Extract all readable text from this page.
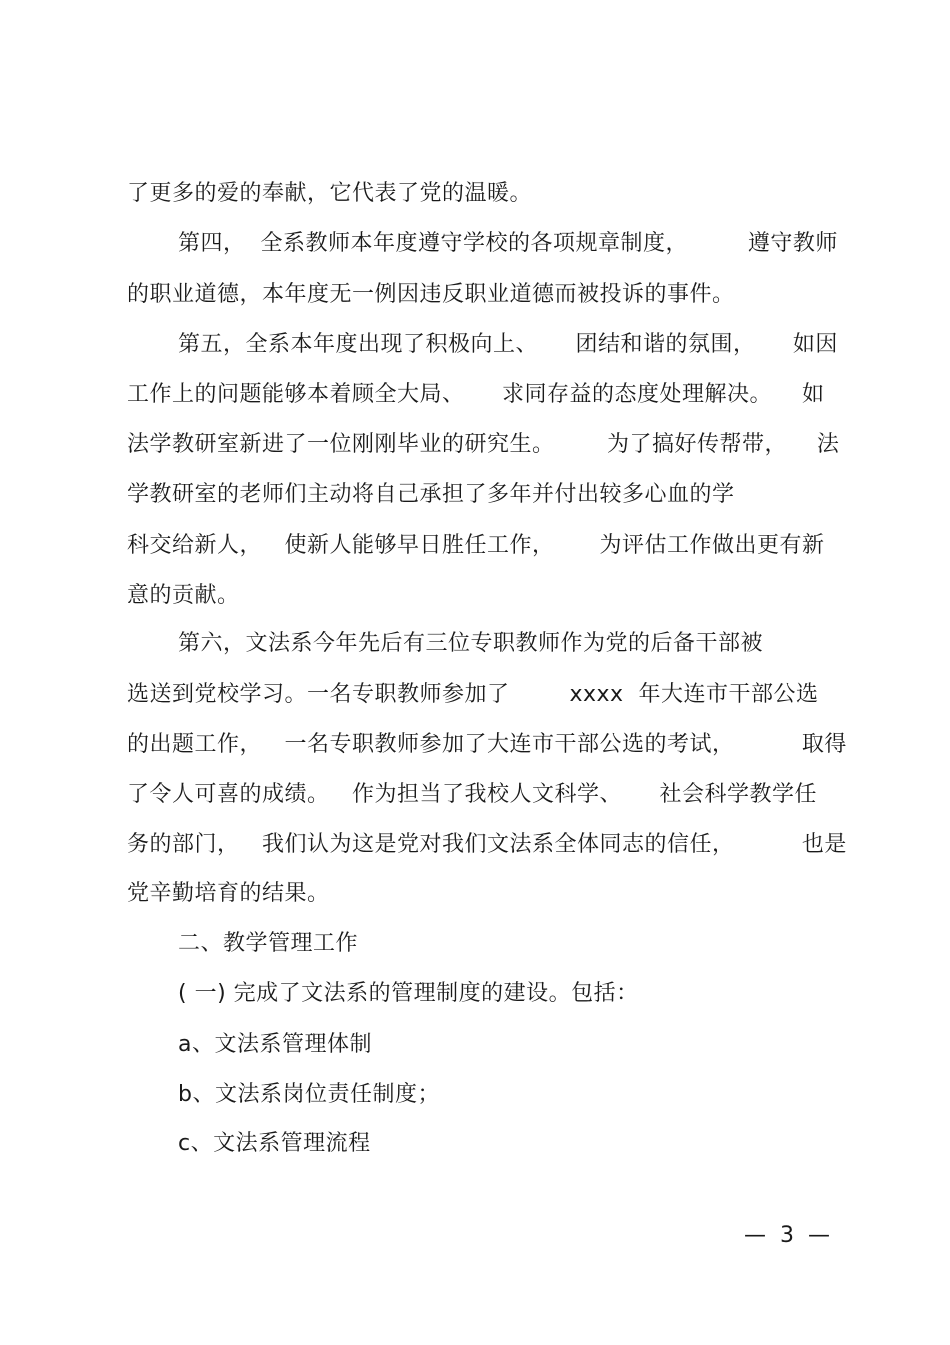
了更多的爱的奉献，它代表了党的温暖。
第四，  全系教师本年度遵守学校的各项规章制度，        遵守教师
的职业道德，本年度无一例因违反职业道德而被投诉的事件。
第五，全系本年度出现了积极向上、     团结和谐的氛围，     如因
工作上的问题能够本着顾全大局、     求同存益的态度处理解决。    如
法学教研室新进了一位刚刚毕业的研究生。       为了搞好传帮带，    法
学教研室的老师们主动将自己承担了多年并付出较多心血的学
科交给新人，   使新人能够早日胜任工作，      为评估工作做出更有新
意的贡献。
第六，文法系今年先后有三位专职教师作为党的后备干部被
选送到党校学习。一名专职教师参加了        xxxx  年大连市干部公选
的出题工作，   一名专职教师参加了大连市干部公选的考试，         取得
了令人可喜的成绩。   作为担当了我校人文科学、     社会科学教学任
务的部门，   我们认为这是党对我们文法系全体同志的信任，         也是
党辛勤培育的结果。
二、教学管理工作
( 一) 完成了文法系的管理制度的建设。包括：
a、文法系管理体制
b、文法系岗位责任制度；
c、文法系管理流程
—  3  —
